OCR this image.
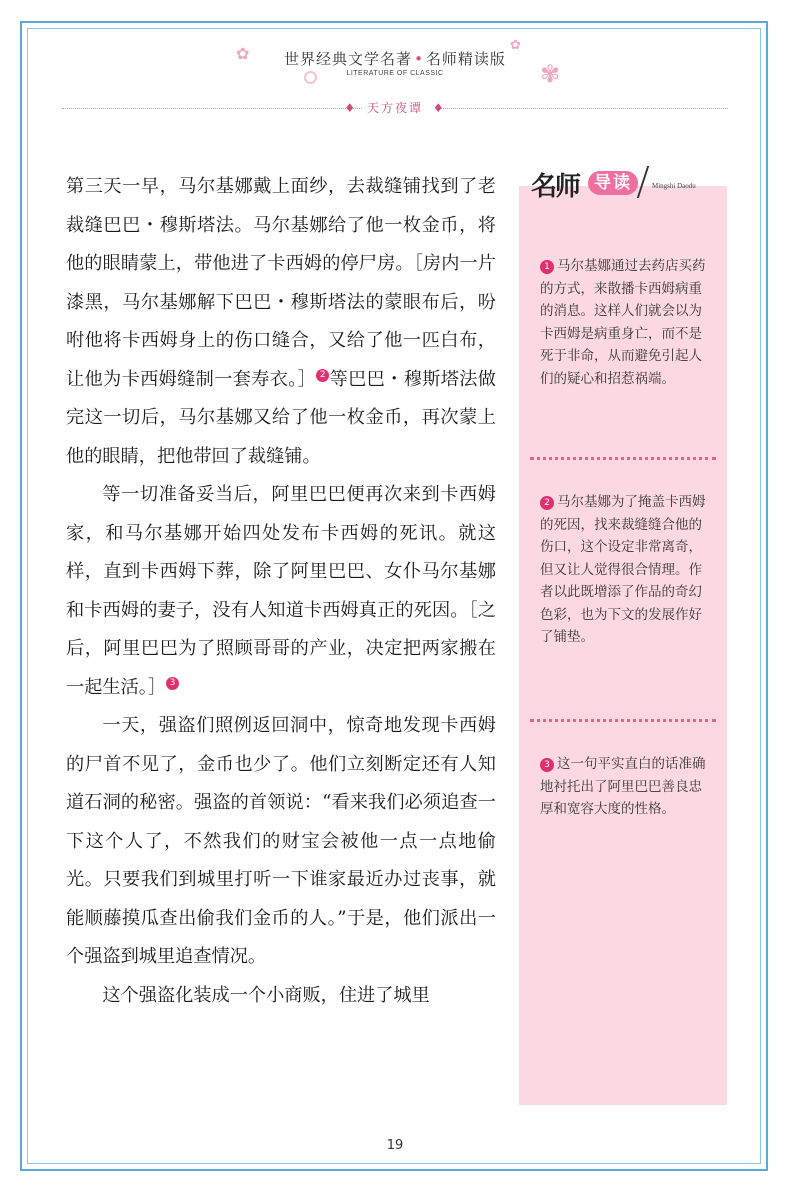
✿	✿
✾
世界经典文学名著 • 名师精读版
LITERATURE OF CLASSIC
♦ 天方夜谭 ♦

第三天一早，马尔基娜戴上面纱，去裁缝铺找到了老裁缝巴巴・穆斯塔法。马尔基娜给了他一枚金币，将他的眼睛蒙上，带他进了卡西姆的停尸房。［房内一片漆黑，马尔基娜解下巴巴・穆斯塔法的蒙眼布后，吩咐他将卡西姆身上的伤口缝合，又给了他一匹白布，让他为卡西姆缝制一套寿衣。］ 2 等巴巴・穆斯塔法做完这一切后，马尔基娜又给了他一枚金币，再次蒙上他的眼睛，把他带回了裁缝铺。

等一切准备妥当后，阿里巴巴便再次来到卡西姆家，和马尔基娜开始四处发布卡西姆的死讯。就这样，直到卡西姆下葬，除了阿里巴巴、女仆马尔基娜和卡西姆的妻子，没有人知道卡西姆真正的死因。［之后，阿里巴巴为了照顾哥哥的产业，决定把两家搬在一起生活。］ 3

一天，强盗们照例返回洞中，惊奇地发现卡西姆的尸首不见了，金币也少了。他们立刻断定还有人知道石洞的秘密。强盗的首领说：“看来我们必须追查一下这个人了，不然我们的财宝会被他一点一点地偷光。只要我们到城里打听一下谁家最近办过丧事，就能顺藤摸瓜查出偷我们金币的人。”于是，他们派出一个强盗到城里追查情况。

这个强盗化装成一个小商贩，住进了城里

名师 导读	Mingshi Daodu
1 马尔基娜通过去药店买药的方式，来散播卡西姆病重的消息。这样人们就会以为卡西姆是病重身亡，而不是死于非命，从而避免引起人们的疑心和招惹祸端。
2 马尔基娜为了掩盖卡西姆的死因，找来裁缝缝合他的伤口，这个设定非常离奇，但又让人觉得很合情理。作者以此既增添了作品的奇幻色彩，也为下文的发展作好了铺垫。
3 这一句平实直白的话准确地衬托出了阿里巴巴善良忠厚和宽容大度的性格。
19
